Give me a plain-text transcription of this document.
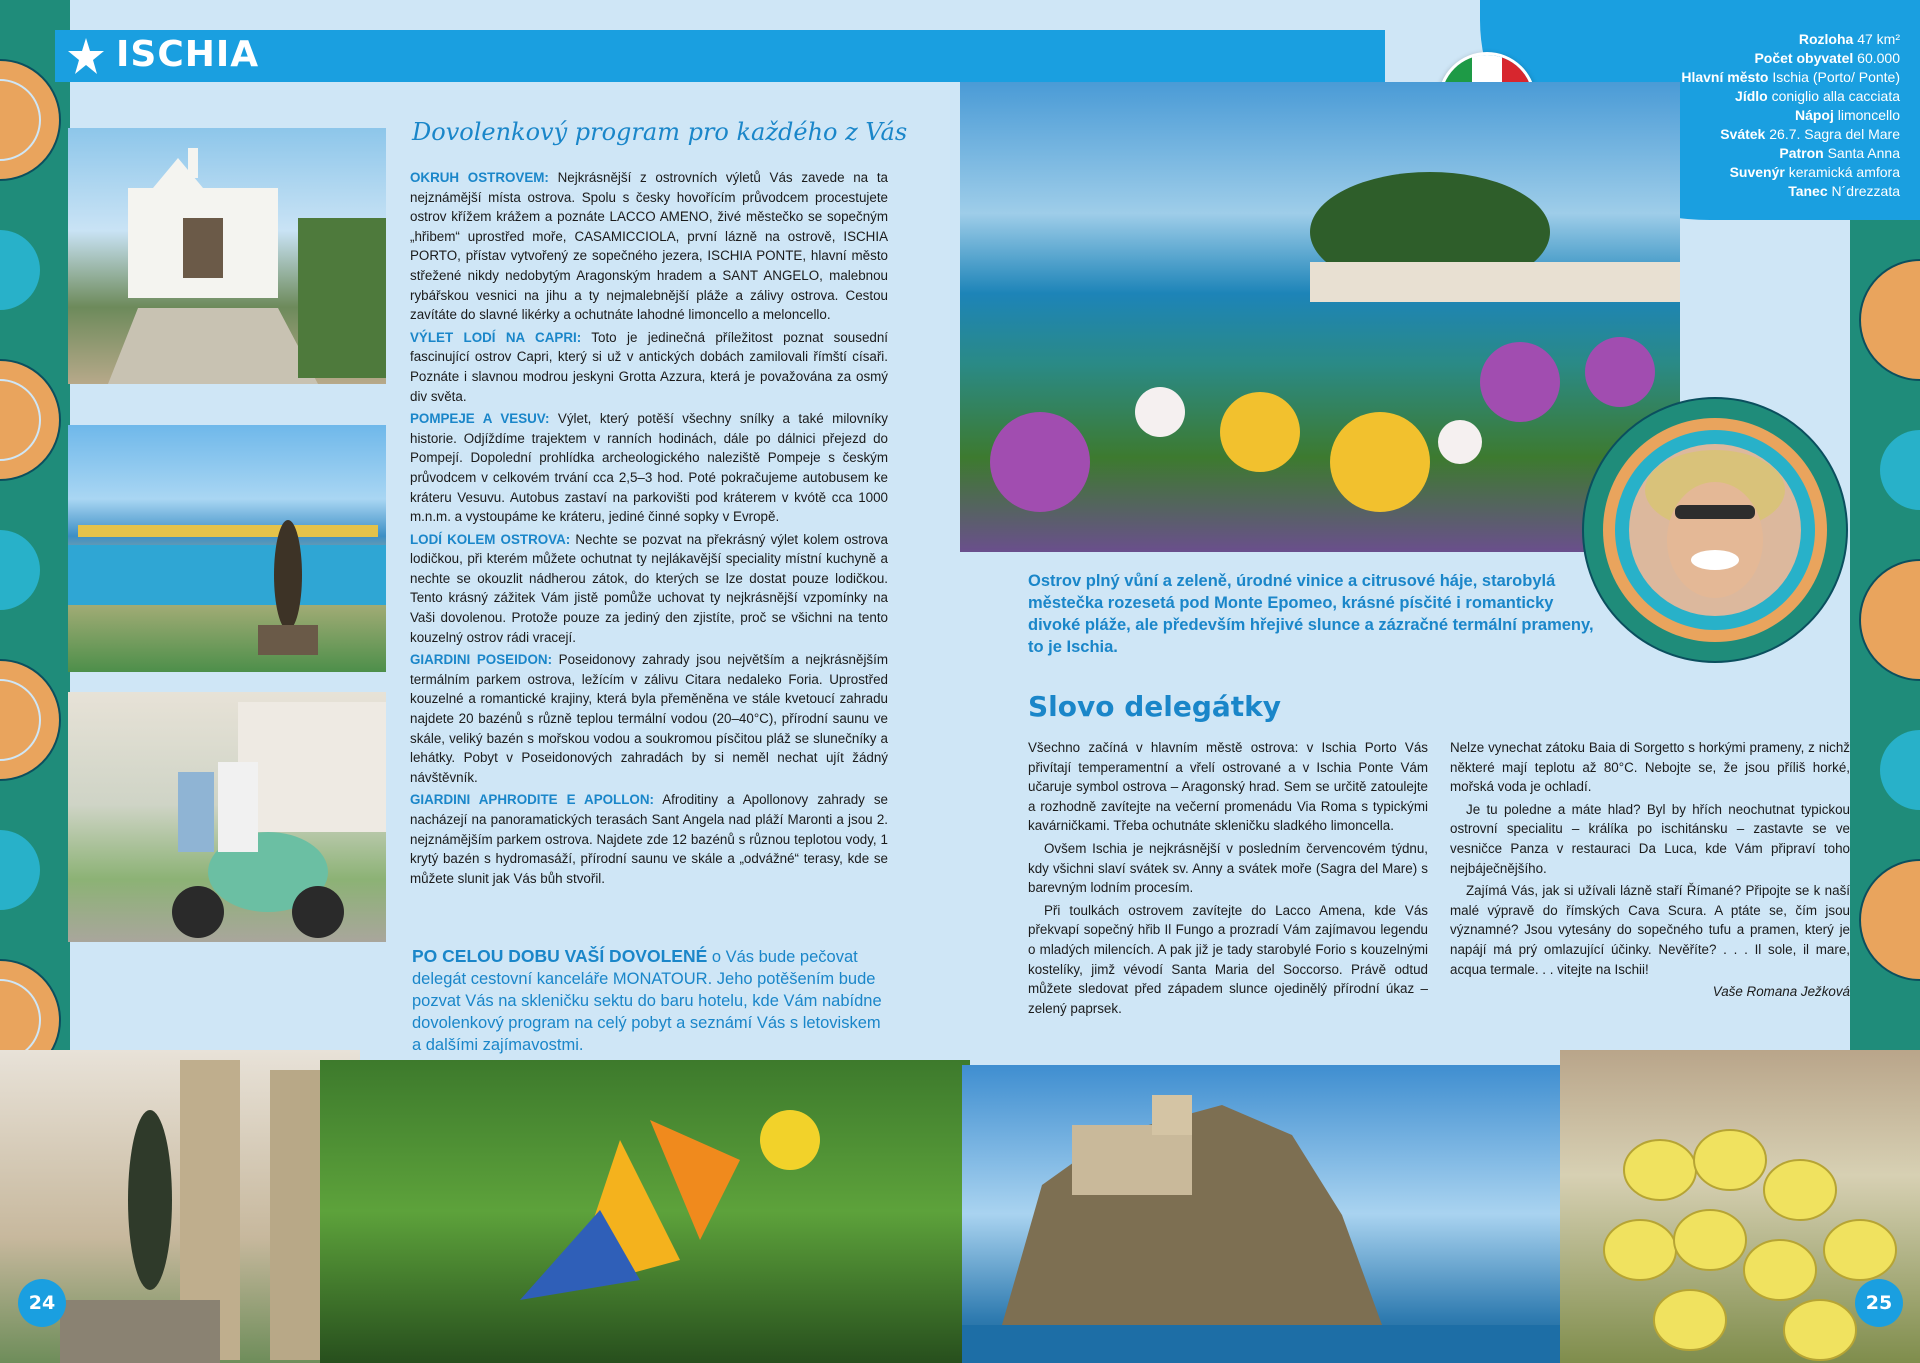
ISCHIA	Rozloha 47 km²
Počet obyvatel 60.000
Hlavní město Ischia (Porto/ Ponte)
Jídlo coniglio alla cacciata
Nápoj limoncello
Svátek 26.7. Sagra del Mare
Patron Santa Anna
Suvenýr keramická amfora
Tanec N´drezzata
Dovolenkový program pro každého z Vás

OKRUH OSTROVEM: Nejkrásnější z ostrovních výletů Vás zavede na ta nejznámější místa ostrova. Spolu s česky hovořícím průvodcem procestujete ostrov křížem krážem a poznáte LACCO AMENO, živé městečko se sopečným „hřibem“ uprostřed moře, CASAMICCIOLA, první lázně na ostrově, ISCHIA PORTO, přístav vytvořený ze sopečného jezera, ISCHIA PONTE, hlavní město střežené nikdy nedobytým Aragonským hradem a SANT ANGELO, malebnou rybářskou vesnici na jihu a ty nejmalebnější pláže a zálivy ostrova. Cestou zavítáte do slavné likérky a ochutnáte lahodné limoncello a meloncello.

VÝLET LODÍ NA CAPRI: Toto je jedinečná příležitost poznat sousední fascinující ostrov Capri, který si už v antických dobách zamilovali římští císaři. Poznáte i slavnou modrou jeskyni Grotta Azzura, která je považována za osmý div světa.

POMPEJE A VESUV: Výlet, který potěší všechny snílky a také milovníky historie. Odjíždíme trajektem v ranních hodinách, dále po dálnici přejezd do Pompejí. Dopolední prohlídka archeologického naleziště Pompeje s českým průvodcem v celkovém trvání cca 2,5–3 hod. Poté pokračujeme autobusem ke kráteru Vesuvu. Autobus zastaví na parkovišti pod kráterem v kvótě cca 1000 m.n.m. a vystoupáme ke kráteru, jediné činné sopky v Evropě.

LODÍ KOLEM OSTROVA: Nechte se pozvat na překrásný výlet kolem ostrova lodičkou, při kterém můžete ochutnat ty nejlákavější speciality místní kuchyně a nechte se okouzlit nádherou zátok, do kterých se lze dostat pouze lodičkou. Tento krásný zážitek Vám jistě pomůže uchovat ty nejkrásnější vzpomínky na Vaši dovolenou. Protože pouze za jediný den zjistíte, proč se všichni na tento kouzelný ostrov rádi vracejí.

GIARDINI POSEIDON: Poseidonovy zahrady jsou největším a nejkrásnějším termálním parkem ostrova, ležícím v zálivu Citara nedaleko Foria. Uprostřed kouzelné a romantické krajiny, která byla přeměněna ve stále kvetoucí zahradu najdete 20 bazénů s různě teplou termální vodou (20–40°C), přírodní saunu ve skále, veliký bazén s mořskou vodou a soukromou písčitou pláž se slunečníky a lehátky. Pobyt v Poseidonových zahradách by si neměl nechat ujít žádný návštěvník.

GIARDINI APHRODITE E APOLLON: Afroditiny a Apollonovy zahrady se nacházejí na panoramatických terasách Sant Angela nad pláží Maronti a jsou 2. nejznámějším parkem ostrova. Najdete zde 12 bazénů s různou teplotou vody, 1 krytý bazén s hydromasáží, přírodní saunu ve skále a „odvážné“ terasy, kde se můžete slunit jak Vás bůh stvořil.

PO CELOU DOBU VAŠÍ DOVOLENÉ o Vás bude pečovat delegát cestovní kanceláře MONATOUR. Jeho potěšením bude pozvat Vás na skleničku sektu do baru hotelu, kde Vám nabídne dovolenkový program na celý pobyt a seznámí Vás s letoviskem a dalšími zajímavostmi.
Ostrov plný vůní a zeleně, úrodné vinice a citrusové háje, starobylá městečka rozesetá pod Monte Epomeo, krásné písčité i romanticky divoké pláže, ale především hřejivé slunce a zázračné termální prameny, to je Ischia.
Slovo delegátky

Všechno začíná v hlavním městě ostrova: v Ischia Porto Vás přivítají temperamentní a vřelí ostrované a v Ischia Ponte Vám učaruje symbol ostrova – Aragonský hrad. Sem se určitě zatoulejte a rozhodně zavítejte na večerní promenádu Via Roma s typickými kavárničkami. Třeba ochutnáte skleničku sladkého limoncella.

Ovšem Ischia je nejkrásnější v posledním červencovém týdnu, kdy všichni slaví svátek sv. Anny a svátek moře (Sagra del Mare) s barevným lodním procesím.

Při toulkách ostrovem zavítejte do Lacco Amena, kde Vás překvapí sopečný hřib Il Fungo a prozradí Vám zajímavou legendu o mladých milencích. A pak již je tady starobylé Forio s kouzelnými kostelíky, jimž vévodí Santa Maria del Soccorso. Právě odtud můžete sledovat před západem slunce ojedinělý přírodní úkaz – zelený paprsek.

Nelze vynechat zátoku Baia di Sorgetto s horkými prameny, z nichž některé mají teplotu až 80°C. Nebojte se, že jsou příliš horké, mořská voda je ochladí.

Je tu poledne a máte hlad? Byl by hřích neochutnat typickou ostrovní specialitu – králíka po ischitánsku – zastavte se ve vesničce Panza v restauraci Da Luca, kde Vám připraví toho nejbáječnějšího.

Zajímá Vás, jak si užívali lázně staří Římané? Připojte se k naší malé výpravě do římských Cava Scura. A ptáte se, čím jsou významné? Jsou vytesány do sopečného tufu a pramen, který je napájí má prý omlazující účinky. Nevěříte? . . . Il sole, il mare, acqua termale. . . vitejte na Ischii!

Vaše Romana Ježková

24	25
